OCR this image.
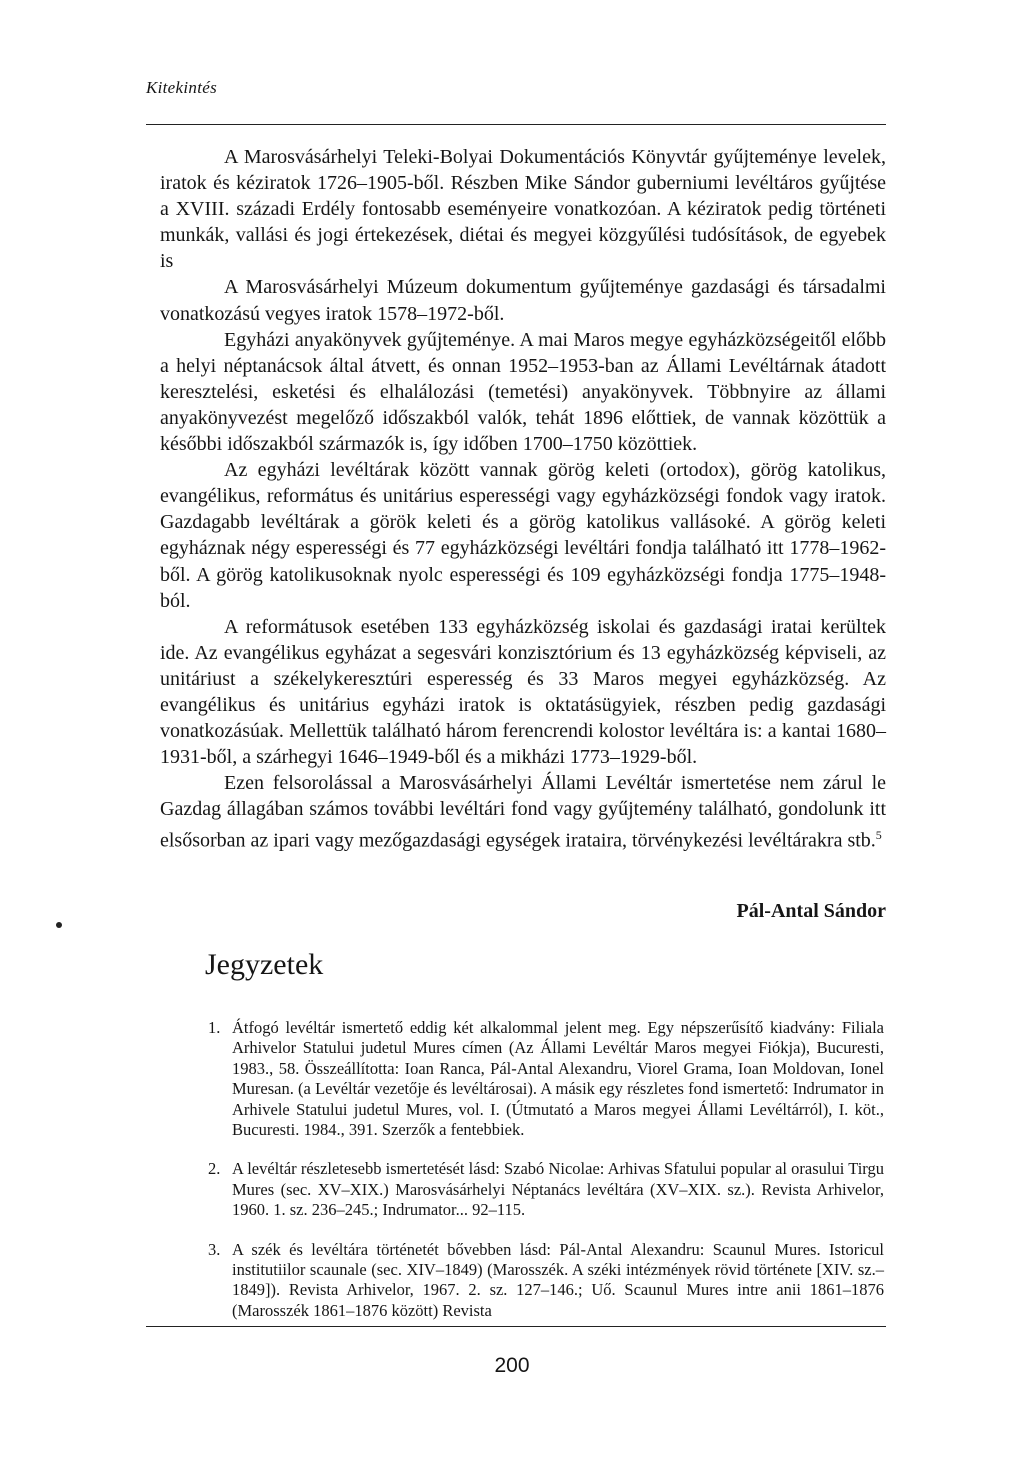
Kitekintés

A Marosvásárhelyi Teleki-Bolyai Dokumentációs Könyvtár gyűjteménye levelek, iratok és kéziratok 1726–1905-ből. Részben Mike Sándor guberniumi levéltáros gyűjtése a XVIII. századi Erdély fontosabb eseményeire vonatkozóan. A kéziratok pedig történeti munkák, vallási és jogi értekezések, diétai és megyei közgyűlési tudósítások, de egyebek is

A Marosvásárhelyi Múzeum dokumentum gyűjteménye gazdasági és társadalmi vonatkozású vegyes iratok 1578–1972-ből.

Egyházi anyakönyvek gyűjteménye. A mai Maros megye egyházközségeitől előbb a helyi néptanácsok által átvett, és onnan 1952–1953-ban az Állami Levéltárnak átadott keresztelési, esketési és elhalálozási (temetési) anyakönyvek. Többnyire az állami anyakönyvezést megelőző időszakból valók, tehát 1896 előttiek, de vannak közöttük a későbbi időszakból származók is, így időben 1700–1750 közöttiek.

Az egyházi levéltárak között vannak görög keleti (ortodox), görög katolikus, evangélikus, református és unitárius esperességi vagy egyházközségi fondok vagy iratok. Gazdagabb levéltárak a görök keleti és a görög katolikus vallásoké. A görög keleti egyháznak négy esperességi és 77 egyházközségi levéltári fondja található itt 1778–1962-ből. A görög katolikusoknak nyolc esperességi és 109 egyházközségi fondja 1775–1948-ból.

A reformátusok esetében 133 egyházközség iskolai és gazdasági iratai kerültek ide. Az evangélikus egyházat a segesvári konzisztórium és 13 egyházközség képviseli, az unitáriust a székelykeresztúri esperesség és 33 Maros megyei egyházközség. Az evangélikus és unitárius egyházi iratok is oktatásügyiek, részben pedig gazdasági vonatkozásúak. Mellettük található három ferencrendi kolostor levéltára is: a kantai 1680–1931-ből, a szárhegyi 1646–1949-ből és a mikházi 1773–1929-ből.

Ezen felsorolással a Marosvásárhelyi Állami Levéltár ismertetése nem zárul le Gazdag állagában számos további levéltári fond vagy gyűjtemény található, gondolunk itt elsősorban az ipari vagy mezőgazdasági egységek irataira, törvénykezési levéltárakra stb.$^5$

Pál-Antal Sándor
Jegyzetek
1. Átfogó levéltár ismertető eddig két alkalommal jelent meg. Egy népszerűsítő kiadvány: Filiala Arhivelor Statului judetul Mures címen (Az Állami Levéltár Maros megyei Fiókja), Bucuresti, 1983., 58. Összeállította: Ioan Ranca, Pál-Antal Alexandru, Viorel Grama, Ioan Moldovan, Ionel Muresan. (a Levéltár vezetője és levéltárosai). A másik egy részletes fond ismertető: Indrumator in Arhivele Statului judetul Mures, vol. I. (Útmutató a Maros megyei Állami Levéltárról), I. köt., Bucuresti. 1984., 391. Szerzők a fentebbiek.
2. A levéltár részletesebb ismertetését lásd: Szabó Nicolae: Arhivas Sfatului popular al orasului Tirgu Mures (sec. XV–XIX.) Marosvásárhelyi Néptanács levéltára (XV–XIX. sz.). Revista Arhivelor, 1960. 1. sz. 236–245.; Indrumator... 92–115.
3. A szék és levéltára történetét bővebben lásd: Pál-Antal Alexandru: Scaunul Mures. Istoricul institutiilor scaunale (sec. XIV–1849) (Marosszék. A széki intézmények rövid története [XIV. sz.–1849]). Revista Arhivelor, 1967. 2. sz. 127–146.; Uő. Scaunul Mures intre anii 1861–1876 (Marosszék 1861–1876 között) Revista
200
